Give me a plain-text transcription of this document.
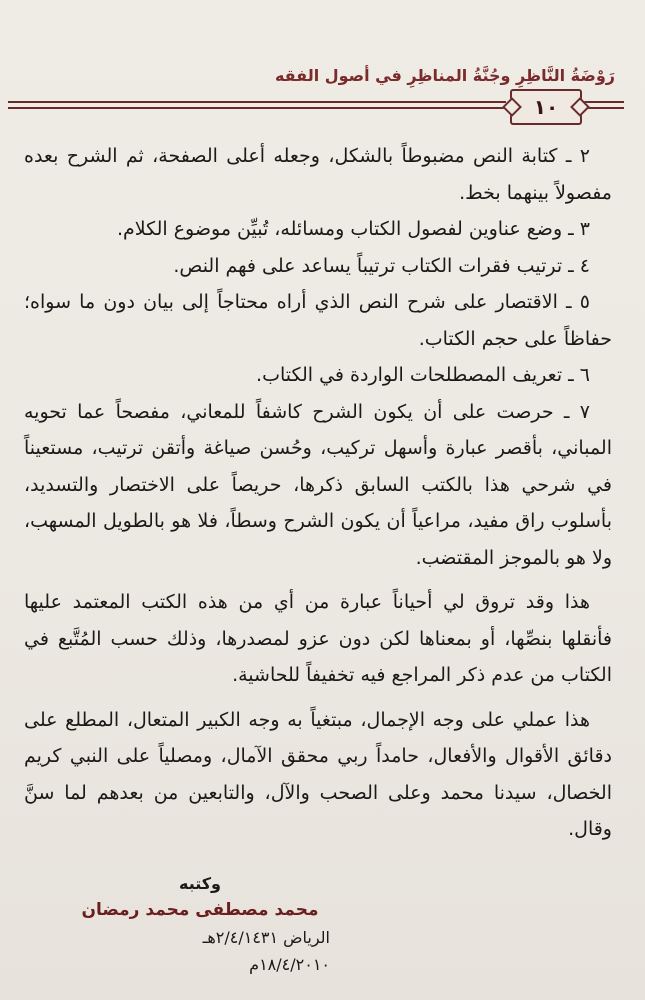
رَوْضَةُ النَّاظِرِ وجُنَّةُ المناظِرِ في أصول الفقه
١٠

٢ ـ كتابة النص مضبوطاً بالشكل، وجعله أعلى الصفحة، ثم الشرح بعده مفصولاً بينهما بخط.

٣ ـ وضع عناوين لفصول الكتاب ومسائله، تُبيِّن موضوع الكلام.

٤ ـ ترتيب فقرات الكتاب ترتيباً يساعد على فهم النص.

٥ ـ الاقتصار على شرح النص الذي أراه محتاجاً إلى بيان دون ما سواه؛ حفاظاً على حجم الكتاب.

٦ ـ تعريف المصطلحات الواردة في الكتاب.

٧ ـ حرصت على أن يكون الشرح كاشفاً للمعاني، مفصحاً عما تحويه المباني، بأقصر عبارة وأسهل تركيب، وحُسن صياغة وأتقن ترتيب، مستعيناً في شرحي هذا بالكتب السابق ذكرها، حريصاً على الاختصار والتسديد، بأسلوب راق مفيد، مراعياً أن يكون الشرح وسطاً، فلا هو بالطويل المسهب، ولا هو بالموجز المقتضب.

هذا وقد تروق لي أحياناً عبارة من أي من هذه الكتب المعتمد عليها فأنقلها بنصِّها، أو بمعناها لكن دون عزو لمصدرها، وذلك حسب المُتَّبع في الكتاب من عدم ذكر المراجع فيه تخفيفاً للحاشية.

هذا عملي على وجه الإجمال، مبتغياً به وجه الكبير المتعال، المطلع على دقائق الأقوال والأفعال، حامداً ربي محقق الآمال، ومصلياً على النبي كريم الخصال، سيدنا محمد وعلى الصحب والآل، والتابعين من بعدهم لما سنَّ وقال.

وكتبه
محمد مصطفى محمد رمضان
الرياض ٢/٤/١٤٣١هـ
١٨/٤/٢٠١٠م
